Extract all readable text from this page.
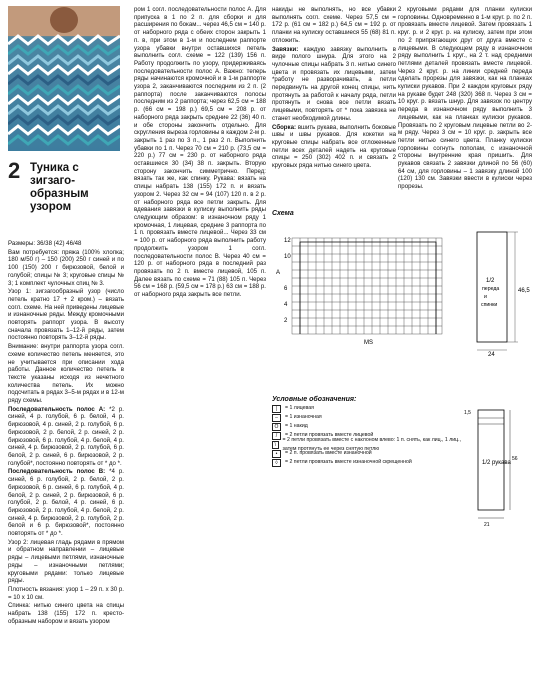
2 Туника с зигзаго-образным узором

Размеры: 36/38 (42) 46/48

Вам потребуется: пряжа (100% хлопка; 180 м/50 г) – 150 (200) 250 г синей и по 100 (150) 200 г бирюзовой, белой и голубой; спицы № 3; круговые спицы № 3; 1 комплект чулочных спиц № 3.

Узор 1: зигзагообразный узор (число петель кратно 17 + 2 кром.) – вязать согл. схеме. На ней приведены лицевые и изнаночные ряды. Между кромочными повторять раппорт узора. В высоту сначала провязать 1–12-й ряды, затем постоянно повторять 3–12-й ряды.

Внимание: внутри раппорта узора согл. схеме количество петель меняется, это не учитывается при описании хода работы. Данное количество петель в тексте указаны исходя из нечетного количества петель. Их можно подсчитать в рядах 3–5-м рядах и в 12-м ряду схемы.

Последовательность полос А: *2 р. синей, 4 р. голубой, 6 р. белой, 4 р. бирюзовой, 4 р. синей, 2 р. голубой, 6 р. бирюзовой, 2 р. белой, 2 р. синей, 2 р. бирюзовой, 6 р. голубой, 4 р. белой, 4 р. синей, 4 р. бирюзовой, 2 р. голубой, 6 р. белой, 2 р. синей, 6 р. бирюзовой, 2 р. голубой*, постоянно повторять от * до *.

Последовательность полос В: *4 р. синей, 6 р. голубой, 2 р. белой, 2 р. бирюзовой, 6 р. синей, 6 р. голубой, 4 р. белой, 2 р. синей, 2 р. бирюзовой, 6 р. голубой, 2 р. белой, 4 р. синей, 6 р. бирюзовой, 2 р. голубой, 4 р. белой, 2 р. синей, 4 р. бирюзовой, 2 р. голубой, 2 р. белой и 6 р. бирюзовой*, постоянно повторять от * до *.

Узор 2: лицевая гладь рядами в прямом и обратном направлении – лицевые ряды – лицевыми петлями, изнаночные ряды – изнаночными петлями; круговыми рядами: только лицевые ряды.

Плотность вязания: узор 1 – 29 п. х 30 р. = 10 х 10 см.

Спинка: нитью синего цвета на спицы набрать 138 (155) 172 п. кресто-образным набором и вязать узором

ром 1 согл. последовательности полос А. Для припуска в 1 по 2 п. для сборки и для расширения по бокам... через 46,5 см = 140 р. от наборного ряда с обеих сторон закрыть 1 п. в, при этом в 1-м и последнем раппорте узора убавки внутри оставшихся петель выполнить согл. схеме = 122 (139) 156 п. Работу продолжить по узору, придерживаясь последовательности полос А. Важно: теперь ряды начинаются кромочной и в 1-м раппорте узора 2, заканчиваются последним из 2 п. (2 раппорта) после заканчиваются полосы последним из 2 раппорта; через 62,5 см = 188 р. (66 см = 198 р.) 69,5 см = 208 р. от наборного ряда закрыть средние 22 (36) 40 п. и обе стороны закончить отдельно. Для скругления выреза горловины в каждом 2-м р. закрыть 1 раз по 3 п., 1 раз 2 п. Выполнить убавки по 1 п. Через 70 см = 210 р. (73,5 см = 220 р.) 77 см = 230 р. от наборного ряда оставшиеся 30 (34) 38 п. закрыть. Вторую сторону закончить симметрично. Перед: вязать так же, как спинку. Рукава: вязать на спицы набрать 138 (155) 172 п. и вязать узором 2. Через 32 см = 94 (107) 120 п. в 2 р. от наборного ряда все петли закрыть. Для вдевания завязки в кулиску выполнить ряды следующим образом: в изнаночном ряду 1 кромочная, 1 лицевая, средние 3 раппорта по 1 п. провязать вместе лицевой... Через 33 см = 100 р. от наборного ряда выполнить работу продолжить узором 1 согл. последовательности полос В. Через 40 см = 120 р. от наборного ряда в последний раз провязать по 2 п. вместе лицевой, 105 п. Далее вязать по схеме = 71 (88) 105 п. Через 56 см = 168 р. (59,5 см = 178 р.) 63 см = 188 р. от наборного ряда закрыть все петли.

накиды не выполнять, но все убавки выполнять согл. схеме. Через 57,5 см = 172 р. (61 см = 182 р.) 64,5 см = 192 р. от планки на кулиску оставшиеся 55 (68) 81 п. отложить.

Завязки: каждую завязку выполнить в виде полого шнура. Для этого на 2 чулочные спицы набрать 3 п. нитью синего цвета и провязать их лицевыми, затем *работу не разворачивать, а петли передвинуть на другой конец спицы, нить протянуть за работой к началу ряда, петли протянуть и снова все петли вязать лицевыми, повторять от * пока завязка не станет необходимой длины.

Сборка: вшить рукава, выполнить боковые швы и швы рукавов. Для кокетки на круговые спицы набрать все отложенные петли всех деталей надеть на круговые спицы = 250 (302) 402 п. и связать 2 круговых ряда нитью синего цвета.

2 круговыми рядами для планки кулиски горловины. Одновременно в 1-м круг. р. по 2 п. провязать вместе лицевой. Затем провязать 1 круг. р. и 2 круг. р. на кулиску, затем при этом по 2 припрягающих друг от друга вместе с лицевыми. В следующем ряду в изнаночном ряду выполнить 1 круг., на 2 т. над средними петлями деталей провязать вместе лицевой. Через 2 круг. р. на линии средней переда сделать прорезы для завязки, как на планках кулиски рукавов. При 2 каждом круговых ряду на рукаве будет 248 (320) 368 п. Через 3 см = 10 круг. р. вязать шнур. Для завязок по центру переда в изнаночном ряду выполнить 3 лицевыми, как на планках кулиски рукавов. Провязать по 2 круговым лицевые петли во 2-м ряду. Через 3 см = 10 круг. р. закрыть все петли нитью синего цвета. Планку кулиски горловины согнуть пополам, с изнаночной стороны внутренние края пришить. Для рукавов связать 2 завязки длиной по 56 (60) 64 см, для горловины – 1 завязку длиной 100 (120) 130 см. Завязки ввести в кулиски через прорезы.

Схема
12
10
A
6
4
2
MS
1/2
переда
и
спинки
46,5
24
Условные обозначения:
|	= 1 лицевая
–	= 1 изнаночная
O	= 1 накид
/	= 2 петли провязать вместе лицевой
\
= 2 петли провязать вместе с наклоном влево: 1 п. снять, как лиц., 1 лиц., затем протянуть ее через снятую петлю
•	= 2 п. провязать вместе изнаночной
◊	= 2 петли провязать вместе изнаночной скрещенной	1/2 рукава
1,5
56
21
